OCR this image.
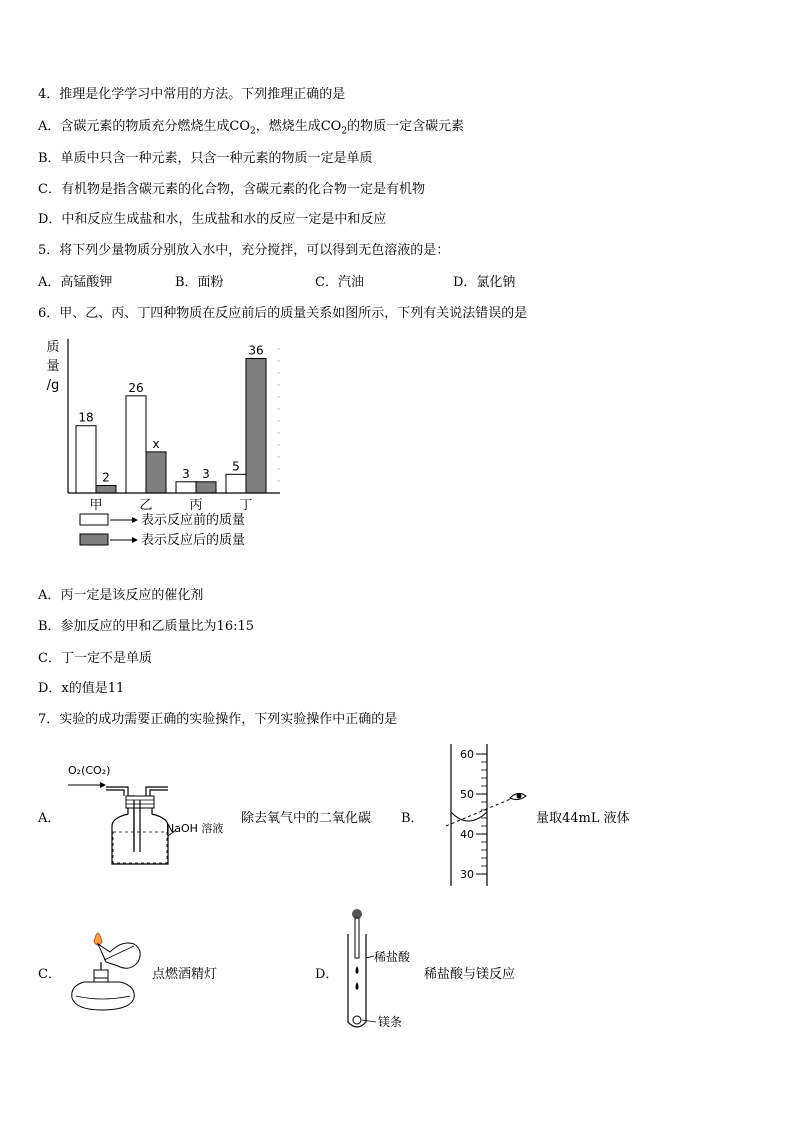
4．推理是化学学习中常用的方法。下列推理正确的是
A．含碳元素的物质充分燃烧生成$CO_2$，燃烧生成$CO_2$的物质一定含碳元素
B．单质中只含一种元素，只含一种元素的物质一定是单质
C．有机物是指含碳元素的化合物，含碳元素的化合物一定是有机物
D．中和反应生成盐和水，生成盐和水的反应一定是中和反应
5．将下列少量物质分别放入水中，充分搅拌，可以得到无色溶液的是：
A．高锰酸钾	B．面粉	C．汽油	D．氯化钠
6．甲、乙、丙、丁四种物质在反应前后的质量关系如图所示，下列有关说法错误的是
质
量
/g
18
2
甲
26
x
乙
3 3
丙
5
36
丁
表示反应前的质量
表示反应后的质量
A．丙一定是该反应的催化剂
B．参加反应的甲和乙质量比为16:15
C．丁一定不是单质
D．x的值是11
7．实验的成功需要正确的实验操作，下列实验操作中正确的是
A．
O₂(CO₂)
NaOH 溶液
除去氧气中的二氧化碳 B．
60
50
40
30
量取44mL 液体
C．	点燃酒精灯	D．
稀盐酸
镁条
稀盐酸与镁反应
